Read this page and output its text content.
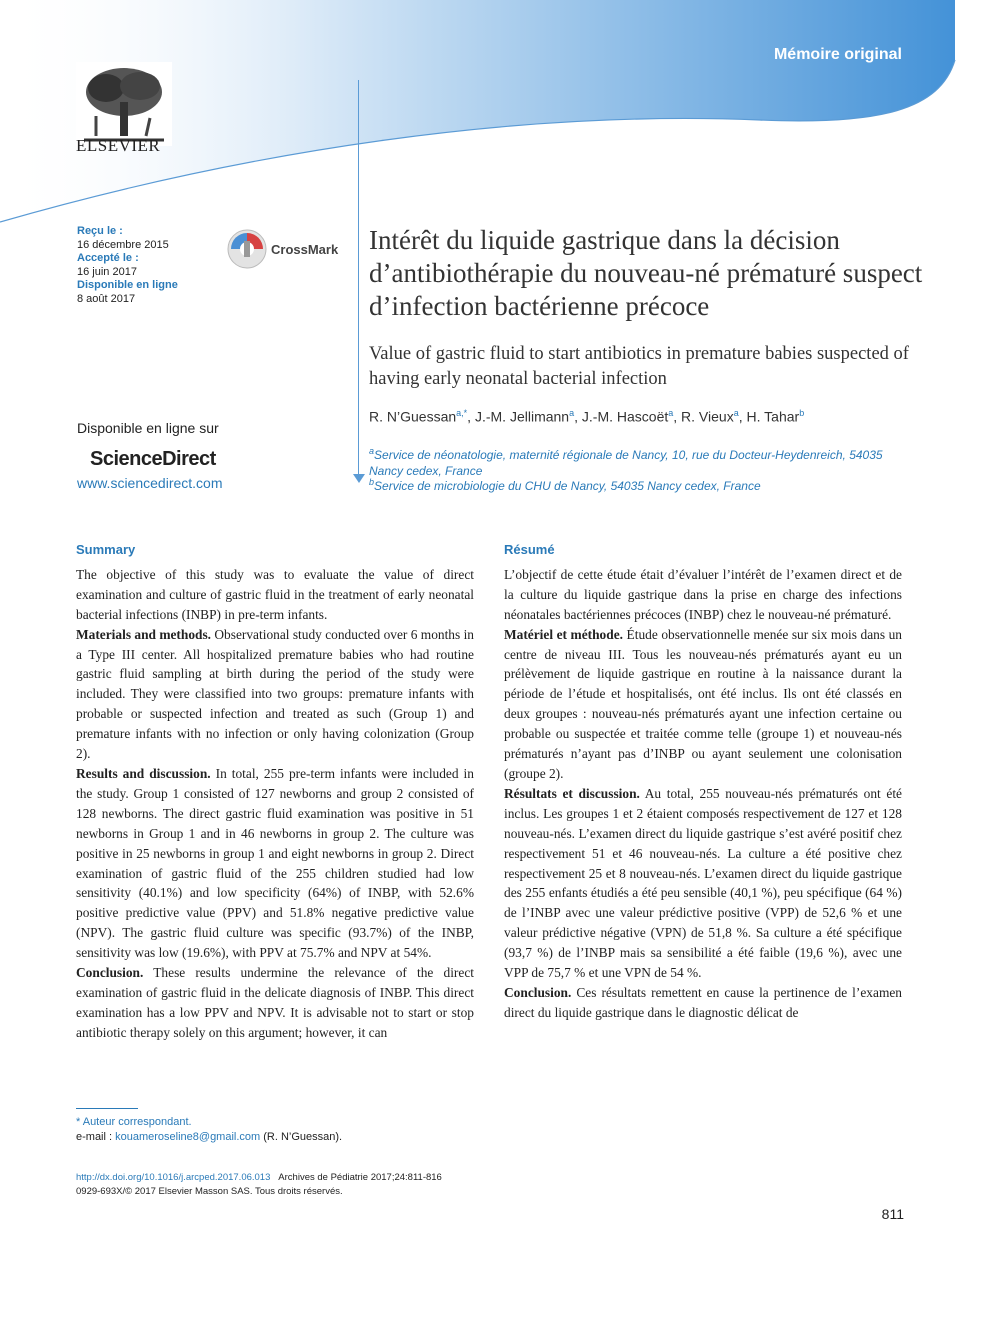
Mémoire original
ELSEVIER
Reçu le :
16 décembre 2015
Accepté le :
16 juin 2017
Disponible en ligne
8 août 2017
CrossMark
Disponible en ligne sur
ScienceDirect
www.sciencedirect.com
Intérêt du liquide gastrique dans la décision d’antibiothérapie du nouveau-né prématuré suspect d’infection bactérienne précoce
Value of gastric fluid to start antibiotics in premature babies suspected of having early neonatal bacterial infection
R. N’Guessan$^{a,*}$, J.-M. Jellimann$^a$, J.-M. Hascoët$^a$, R. Vieux$^a$, H. Tahar$^b$
$^a$Service de néonatologie, maternité régionale de Nancy, 10, rue du Docteur-Heydenreich, 54035 Nancy cedex, France
$^b$Service de microbiologie du CHU de Nancy, 54035 Nancy cedex, France
Summary

The objective of this study was to evaluate the value of direct examination and culture of gastric fluid in the treatment of early neonatal bacterial infections (INBP) in pre-term infants.

Materials and methods. Observational study conducted over 6 months in a Type III center. All hospitalized premature babies who had routine gastric fluid sampling at birth during the period of the study were included. They were classified into two groups: premature infants with probable or suspected infection and treated as such (Group 1) and premature infants with no infection or only having colonization (Group 2).

Results and discussion. In total, 255 pre-term infants were included in the study. Group 1 consisted of 127 newborns and group 2 consisted of 128 newborns. The direct gastric fluid examination was positive in 51 newborns in Group 1 and in 46 newborns in group 2. The culture was positive in 25 newborns in group 1 and eight newborns in group 2. Direct examination of gastric fluid of the 255 children studied had low sensitivity (40.1%) and low specificity (64%) of INBP, with 52.6% positive predictive value (PPV) and 51.8% negative predictive value (NPV). The gastric fluid culture was specific (93.7%) of the INBP, sensitivity was low (19.6%), with PPV at 75.7% and NPV at 54%.

Conclusion. These results undermine the relevance of the direct examination of gastric fluid in the delicate diagnosis of INBP. This direct examination has a low PPV and NPV. It is advisable not to start or stop antibiotic therapy solely on this argument; however, it can

Résumé

L’objectif de cette étude était d’évaluer l’intérêt de l’examen direct et de la culture du liquide gastrique dans la prise en charge des infections néonatales bactériennes précoces (INBP) chez le nouveau-né prématuré.

Matériel et méthode. Étude observationnelle menée sur six mois dans un centre de niveau III. Tous les nouveau-nés prématurés ayant eu un prélèvement de liquide gastrique en routine à la naissance durant la période de l’étude et hospitalisés, ont été inclus. Ils ont été classés en deux groupes : nouveau-nés prématurés ayant une infection certaine ou probable ou suspectée et traitée comme telle (groupe 1) et nouveau-nés prématurés n’ayant pas d’INBP ou ayant seulement une colonisation (groupe 2).

Résultats et discussion. Au total, 255 nouveau-nés prématurés ont été inclus. Les groupes 1 et 2 étaient composés respectivement de 127 et 128 nouveau-nés. L’examen direct du liquide gastrique s’est avéré positif chez respectivement 51 et 46 nouveau-nés. La culture a été positive chez respectivement 25 et 8 nouveau-nés. L’examen direct du liquide gastrique des 255 enfants étudiés a été peu sensible (40,1 %), peu spécifique (64 %) de l’INBP avec une valeur prédictive positive (VPP) de 52,6 % et une valeur prédictive négative (VPN) de 51,8 %. Sa culture a été spécifique (93,7 %) de l’INBP mais sa sensibilité a été faible (19,6 %), avec une VPP de 75,7 % et une VPN de 54 %.

Conclusion. Ces résultats remettent en cause la pertinence de l’examen direct du liquide gastrique dans le diagnostic délicat de

* Auteur correspondant.
e-mail : kouameroseline8@gmail.com (R. N’Guessan).
http://dx.doi.org/10.1016/j.arcped.2017.06.013 Archives de Pédiatrie 2017;24:811-816
0929-693X/© 2017 Elsevier Masson SAS. Tous droits réservés.
811
